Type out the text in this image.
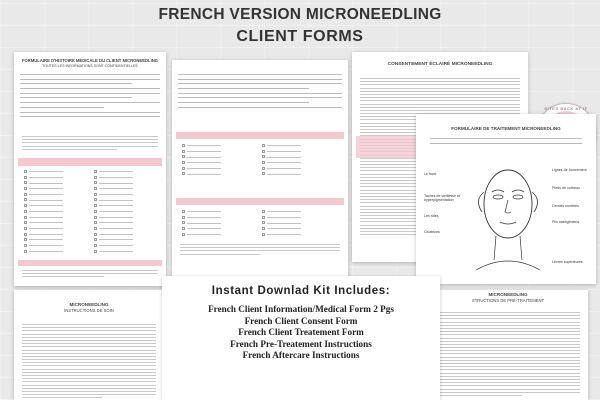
FRENCH VERSION MICRONEEDLING
CLIENT FORMS
FORMULAIRE D'HISTOIRE MÉDICALE DU CLIENT MICRONEEDLING
TOUTES LES INFORMATIONS SONT CONFIDENTIELLES	CONSENTEMENT ÉCLAIRÉ MICRONEEDLING
SITES BACK AT IT
FORMULAIRE DE TRAITEMENT MICRONEEDLING
Le front
Taches de vieillesse et hyperpigmentation
Les rides
Cicatrices
Lignes de froncement
Pieds de corbeau
Cercles sombres
Plis nasogéniens
Lèvres supérieures
MICRONEEDLING
INSTRUCTIONS DE SOIN
MICRONEEDLING
STRUCTIONS DE PRÉ-TRAITEMENT
Instant Downlad Kit Includes:
French Client Information/Medical Form 2 Pgs
French Client Consent Form
French Client Treatement Form
French Pre-Treatement Instructions
French Aftercare Instructions
